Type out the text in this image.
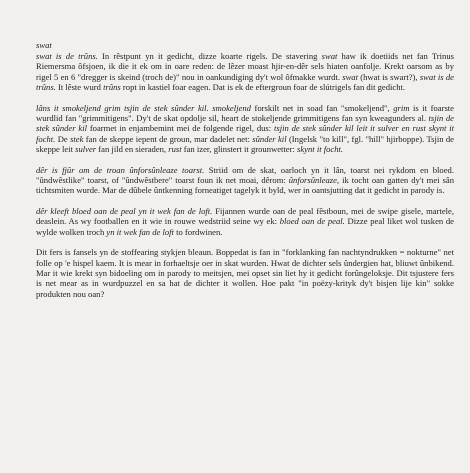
swat

swat is de trûns. In rêstpunt yn it gedicht, dizze koarte rigels. De stavering swat haw ik doetiids net fan Trinus Riemersma ôfsjoen, ik die it ek om in oare reden: de lêzer moast hjir-en-dêr sels hiaten oanfolje. Krekt oarsom as by rigel 5 en 6 "dregger is skeind (troch de)" nou in oankundiging dy't wol ôfmakke wurdt. swat (hwat is swart?), swat is de trûns. It lêste wurd trûns ropt in kastiel foar eagen. Dat is ek de eftergroun foar de slútrigels fan dit gedicht.

lâns it smokeljend grim tsjin de stek sûnder kil. smokeljend forskilt net in soad fan "smokeljend", grim is it foarste wurdlid fan "grimmitigens". Dy't de skat opdolje sil, heart de stokeljende grimmitigens fan syn kweagunders al. tsjin de stek sûnder kil foarmet in enjambemint mei de folgende rigel, dus: tsjin de stek sûnder kil leit it sulver en rust skynt it focht. De stek fan de skeppe iepent de groun, mar dadelet net: sûnder kil (Ingelsk "to kill", fgl. "hill" hjirboppe). Tsjin de skeppe leit sulver fan jild en sieraden, rust fan izer, glinstert it grounwetter: skynt it focht.

dêr is fjûr om de troan ûnforsûnleaze toarst. Striid om de skat, oarloch yn it lân, toarst nei rykdom en bloed. "ûndwêstlike" toarst, of "ûndwêstbere" toarst foun ik net moai, dêrom: ûnforsûnleaze, ik tocht oan gatten dy't mei sân tichtsmiten wurde. Mar de dûbele ûntkenning forneatiget tagelyk it byld, wer in oantsjutting dat it gedicht in parody is.

dêr kleeft bloed oan de peal yn it wek fan de loft. Fijannen wurde oan de peal fêstboun, mei de swipe gisele, martele, deaslein. As wy footballen en it wie in rouwe wedstriid seine wy ek: bloed oan de peal. Dizze peal liket wol tusken de wylde wolken troch yn it wek fan de loft to fordwinen.

Dit fers is fansels yn de stoffearing stykjen bleaun. Boppedat is fan in "forklanking fan nachtyndrukken = nokturne" net folle op 'e hispel kaem. It is mear in forhaeltsje oer in skat wurden. Hwat de dichter sels ûndergien hat, bliuwt ûnbikend. Mar it wie krekt syn bidoeling om in parody to meitsjen, mei opset sin liet hy it gedicht forûngeloksje. Dit tsjustere fers is net mear as in wurdpuzzel en sa hat de dichter it wollen. Hoe pakt "in poëzy-krityk dy't bisjen lije kin" sokke produkten nou oan?
